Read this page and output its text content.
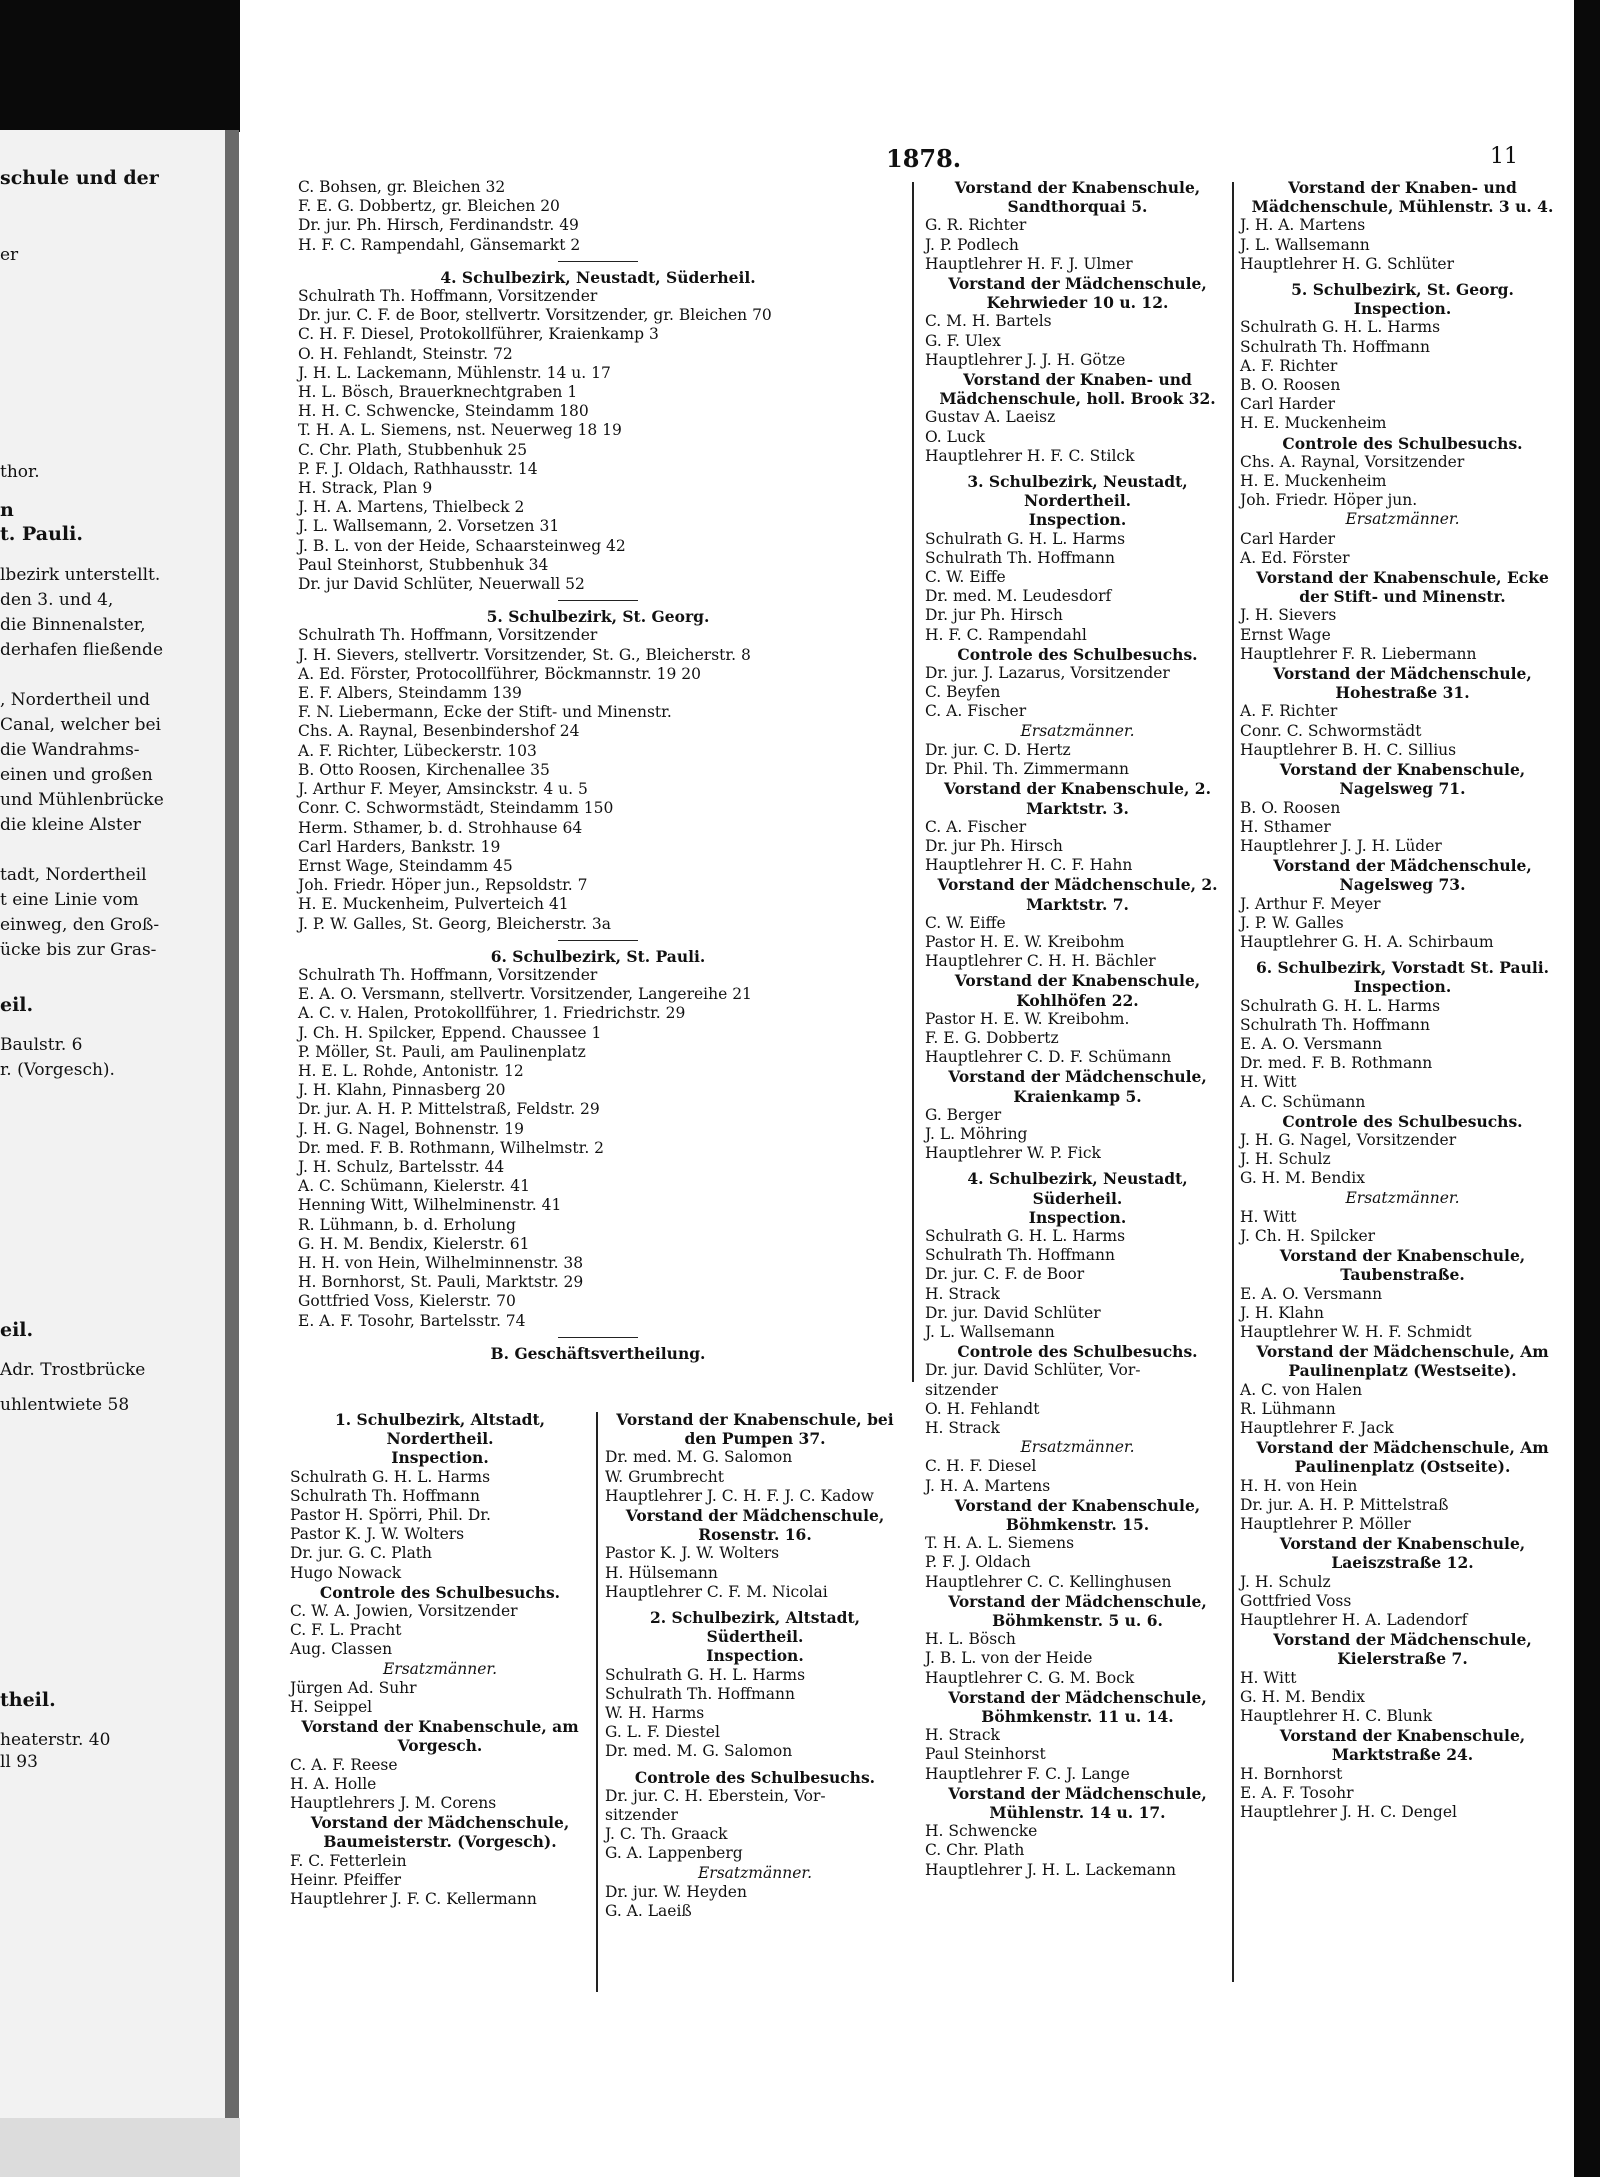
schule und der
er
thor.
n
t. Pauli.
lbezirk unterstellt.
den 3. und 4,
die Binnenalster,
derhafen fließende
, Nordertheil und
Canal, welcher bei
die Wandrahms-
einen und großen
und Mühlenbrücke
die kleine Alster
tadt, Nordertheil
t eine Linie vom
einweg, den Groß-
ücke bis zur Gras-
eil.
Baulstr. 6
r. (Vorgesch).
eil.
Adr. Trostbrücke
uhlentwiete 58
theil.
heaterstr. 40
ll 93
1878.	11
C. Bohsen, gr. Bleichen 32
F. E. G. Dobbertz, gr. Bleichen 20
Dr. jur. Ph. Hirsch, Ferdinandstr. 49
H. F. C. Rampendahl, Gänsemarkt 2
4. Schulbezirk, Neustadt, Süderheil.
Schulrath Th. Hoffmann, Vorsitzender
Dr. jur. C. F. de Boor, stellvertr. Vorsitzender, gr. Bleichen 70
C. H. F. Diesel, Protokollführer, Kraienkamp 3
O. H. Fehlandt, Steinstr. 72
J. H. L. Lackemann, Mühlenstr. 14 u. 17
H. L. Bösch, Brauerknechtgraben 1
H. H. C. Schwencke, Steindamm 180
T. H. A. L. Siemens, nst. Neuerweg 18 19
C. Chr. Plath, Stubbenhuk 25
P. F. J. Oldach, Rathhausstr. 14
H. Strack, Plan 9
J. H. A. Martens, Thielbeck 2
J. L. Wallsemann, 2. Vorsetzen 31
J. B. L. von der Heide, Schaarsteinweg 42
Paul Steinhorst, Stubbenhuk 34
Dr. jur David Schlüter, Neuerwall 52
5. Schulbezirk, St. Georg.
Schulrath Th. Hoffmann, Vorsitzender
J. H. Sievers, stellvertr. Vorsitzender, St. G., Bleicherstr. 8
A. Ed. Förster, Protocollführer, Böckmannstr. 19 20
E. F. Albers, Steindamm 139
F. N. Liebermann, Ecke der Stift- und Minenstr.
Chs. A. Raynal, Besenbindershof 24
A. F. Richter, Lübeckerstr. 103
B. Otto Roosen, Kirchenallee 35
J. Arthur F. Meyer, Amsinckstr. 4 u. 5
Conr. C. Schwormstädt, Steindamm 150
Herm. Sthamer, b. d. Strohhause 64
Carl Harders, Bankstr. 19
Ernst Wage, Steindamm 45
Joh. Friedr. Höper jun., Repsoldstr. 7
H. E. Muckenheim, Pulverteich 41
J. P. W. Galles, St. Georg, Bleicherstr. 3a
6. Schulbezirk, St. Pauli.
Schulrath Th. Hoffmann, Vorsitzender
E. A. O. Versmann, stellvertr. Vorsitzender, Langereihe 21
A. C. v. Halen, Protokollführer, 1. Friedrichstr. 29
J. Ch. H. Spilcker, Eppend. Chaussee 1
P. Möller, St. Pauli, am Paulinenplatz
H. E. L. Rohde, Antonistr. 12
J. H. Klahn, Pinnasberg 20
Dr. jur. A. H. P. Mittelstraß, Feldstr. 29
J. H. G. Nagel, Bohnenstr. 19
Dr. med. F. B. Rothmann, Wilhelmstr. 2
J. H. Schulz, Bartelsstr. 44
A. C. Schümann, Kielerstr. 41
Henning Witt, Wilhelminenstr. 41
R. Lühmann, b. d. Erholung
G. H. M. Bendix, Kielerstr. 61
H. H. von Hein, Wilhelminnenstr. 38
H. Bornhorst, St. Pauli, Marktstr. 29
Gottfried Voss, Kielerstr. 70
E. A. F. Tosohr, Bartelsstr. 74
B. Geschäftsvertheilung.
Vorstand der Knabenschule, Sandthorquai 5.
G. R. Richter
J. P. Podlech
Hauptlehrer H. F. J. Ulmer
Vorstand der Mädchenschule, Kehrwieder 10 u. 12.
C. M. H. Bartels
G. F. Ulex
Hauptlehrer J. J. H. Götze
Vorstand der Knaben- und Mädchenschule, holl. Brook 32.
Gustav A. Laeisz
O. Luck
Hauptlehrer H. F. C. Stilck
3. Schulbezirk, Neustadt, Nordertheil.
Inspection.
Schulrath G. H. L. Harms
Schulrath Th. Hoffmann
C. W. Eiffe
Dr. med. M. Leudesdorf
Dr. jur Ph. Hirsch
H. F. C. Rampendahl
Controle des Schulbesuchs.
Dr. jur. J. Lazarus, Vorsitzender
C. Beyfen
C. A. Fischer
Ersatzmänner.
Dr. jur. C. D. Hertz
Dr. Phil. Th. Zimmermann
Vorstand der Knabenschule, 2. Marktstr. 3.
C. A. Fischer
Dr. jur Ph. Hirsch
Hauptlehrer H. C. F. Hahn
Vorstand der Mädchenschule, 2. Marktstr. 7.
C. W. Eiffe
Pastor H. E. W. Kreibohm
Hauptlehrer C. H. H. Bächler
Vorstand der Knabenschule, Kohlhöfen 22.
Pastor H. E. W. Kreibohm.
F. E. G. Dobbertz
Hauptlehrer C. D. F. Schümann
Vorstand der Mädchenschule, Kraienkamp 5.
G. Berger
J. L. Möhring
Hauptlehrer W. P. Fick
4. Schulbezirk, Neustadt, Süderheil.
Inspection.
Schulrath G. H. L. Harms
Schulrath Th. Hoffmann
Dr. jur. C. F. de Boor
H. Strack
Dr. jur. David Schlüter
J. L. Wallsemann
Controle des Schulbesuchs.
Dr. jur. David Schlüter, Vor-
sitzender
O. H. Fehlandt
H. Strack
Ersatzmänner.
C. H. F. Diesel
J. H. A. Martens
Vorstand der Knabenschule, Böhmkenstr. 15.
T. H. A. L. Siemens
P. F. J. Oldach
Hauptlehrer C. C. Kellinghusen
Vorstand der Mädchenschule, Böhmkenstr. 5 u. 6.
H. L. Bösch
J. B. L. von der Heide
Hauptlehrer C. G. M. Bock
Vorstand der Mädchenschule, Böhmkenstr. 11 u. 14.
H. Strack
Paul Steinhorst
Hauptlehrer F. C. J. Lange
Vorstand der Mädchenschule, Mühlenstr. 14 u. 17.
H. Schwencke
C. Chr. Plath
Hauptlehrer J. H. L. Lackemann
Vorstand der Knaben- und Mädchenschule, Mühlenstr. 3 u. 4.
J. H. A. Martens
J. L. Wallsemann
Hauptlehrer H. G. Schlüter
5. Schulbezirk, St. Georg. Inspection.
Schulrath G. H. L. Harms
Schulrath Th. Hoffmann
A. F. Richter
B. O. Roosen
Carl Harder
H. E. Muckenheim
Controle des Schulbesuchs.
Chs. A. Raynal, Vorsitzender
H. E. Muckenheim
Joh. Friedr. Höper jun.
Ersatzmänner.
Carl Harder
A. Ed. Förster
Vorstand der Knabenschule, Ecke der Stift- und Minenstr.
J. H. Sievers
Ernst Wage
Hauptlehrer F. R. Liebermann
Vorstand der Mädchenschule, Hohestraße 31.
A. F. Richter
Conr. C. Schwormstädt
Hauptlehrer B. H. C. Sillius
Vorstand der Knabenschule, Nagelsweg 71.
B. O. Roosen
H. Sthamer
Hauptlehrer J. J. H. Lüder
Vorstand der Mädchenschule, Nagelsweg 73.
J. Arthur F. Meyer
J. P. W. Galles
Hauptlehrer G. H. A. Schirbaum
6. Schulbezirk, Vorstadt St. Pauli. Inspection.
Schulrath G. H. L. Harms
Schulrath Th. Hoffmann
E. A. O. Versmann
Dr. med. F. B. Rothmann
H. Witt
A. C. Schümann
Controle des Schulbesuchs.
J. H. G. Nagel, Vorsitzender
J. H. Schulz
G. H. M. Bendix
Ersatzmänner.
H. Witt
J. Ch. H. Spilcker
Vorstand der Knabenschule, Taubenstraße.
E. A. O. Versmann
J. H. Klahn
Hauptlehrer W. H. F. Schmidt
Vorstand der Mädchenschule, Am Paulinenplatz (Westseite).
A. C. von Halen
R. Lühmann
Hauptlehrer F. Jack
Vorstand der Mädchenschule, Am Paulinenplatz (Ostseite).
H. H. von Hein
Dr. jur. A. H. P. Mittelstraß
Hauptlehrer P. Möller
Vorstand der Knabenschule, Laeiszstraße 12.
J. H. Schulz
Gottfried Voss
Hauptlehrer H. A. Ladendorf
Vorstand der Mädchenschule, Kielerstraße 7.
H. Witt
G. H. M. Bendix
Hauptlehrer H. C. Blunk
Vorstand der Knabenschule, Marktstraße 24.
H. Bornhorst
E. A. F. Tosohr
Hauptlehrer J. H. C. Dengel
1. Schulbezirk, Altstadt, Nordertheil.
Inspection.
Schulrath G. H. L. Harms
Schulrath Th. Hoffmann
Pastor H. Spörri, Phil. Dr.
Pastor K. J. W. Wolters
Dr. jur. G. C. Plath
Hugo Nowack
Controle des Schulbesuchs.
C. W. A. Jowien, Vorsitzender
C. F. L. Pracht
Aug. Classen
Ersatzmänner.
Jürgen Ad. Suhr
H. Seippel
Vorstand der Knabenschule, am Vorgesch.
C. A. F. Reese
H. A. Holle
Hauptlehrers J. M. Corens
Vorstand der Mädchenschule, Baumeisterstr. (Vorgesch).
F. C. Fetterlein
Heinr. Pfeiffer
Hauptlehrer J. F. C. Kellermann
Vorstand der Knabenschule, bei den Pumpen 37.
Dr. med. M. G. Salomon
W. Grumbrecht
Hauptlehrer J. C. H. F. J. C. Kadow
Vorstand der Mädchenschule, Rosenstr. 16.
Pastor K. J. W. Wolters
H. Hülsemann
Hauptlehrer C. F. M. Nicolai
2. Schulbezirk, Altstadt, Südertheil.
Inspection.
Schulrath G. H. L. Harms
Schulrath Th. Hoffmann
W. H. Harms
G. L. F. Diestel
Dr. med. M. G. Salomon
Controle des Schulbesuchs.
Dr. jur. C. H. Eberstein, Vor-
sitzender
J. C. Th. Graack
G. A. Lappenberg
Ersatzmänner.
Dr. jur. W. Heyden
G. A. Laeiß
